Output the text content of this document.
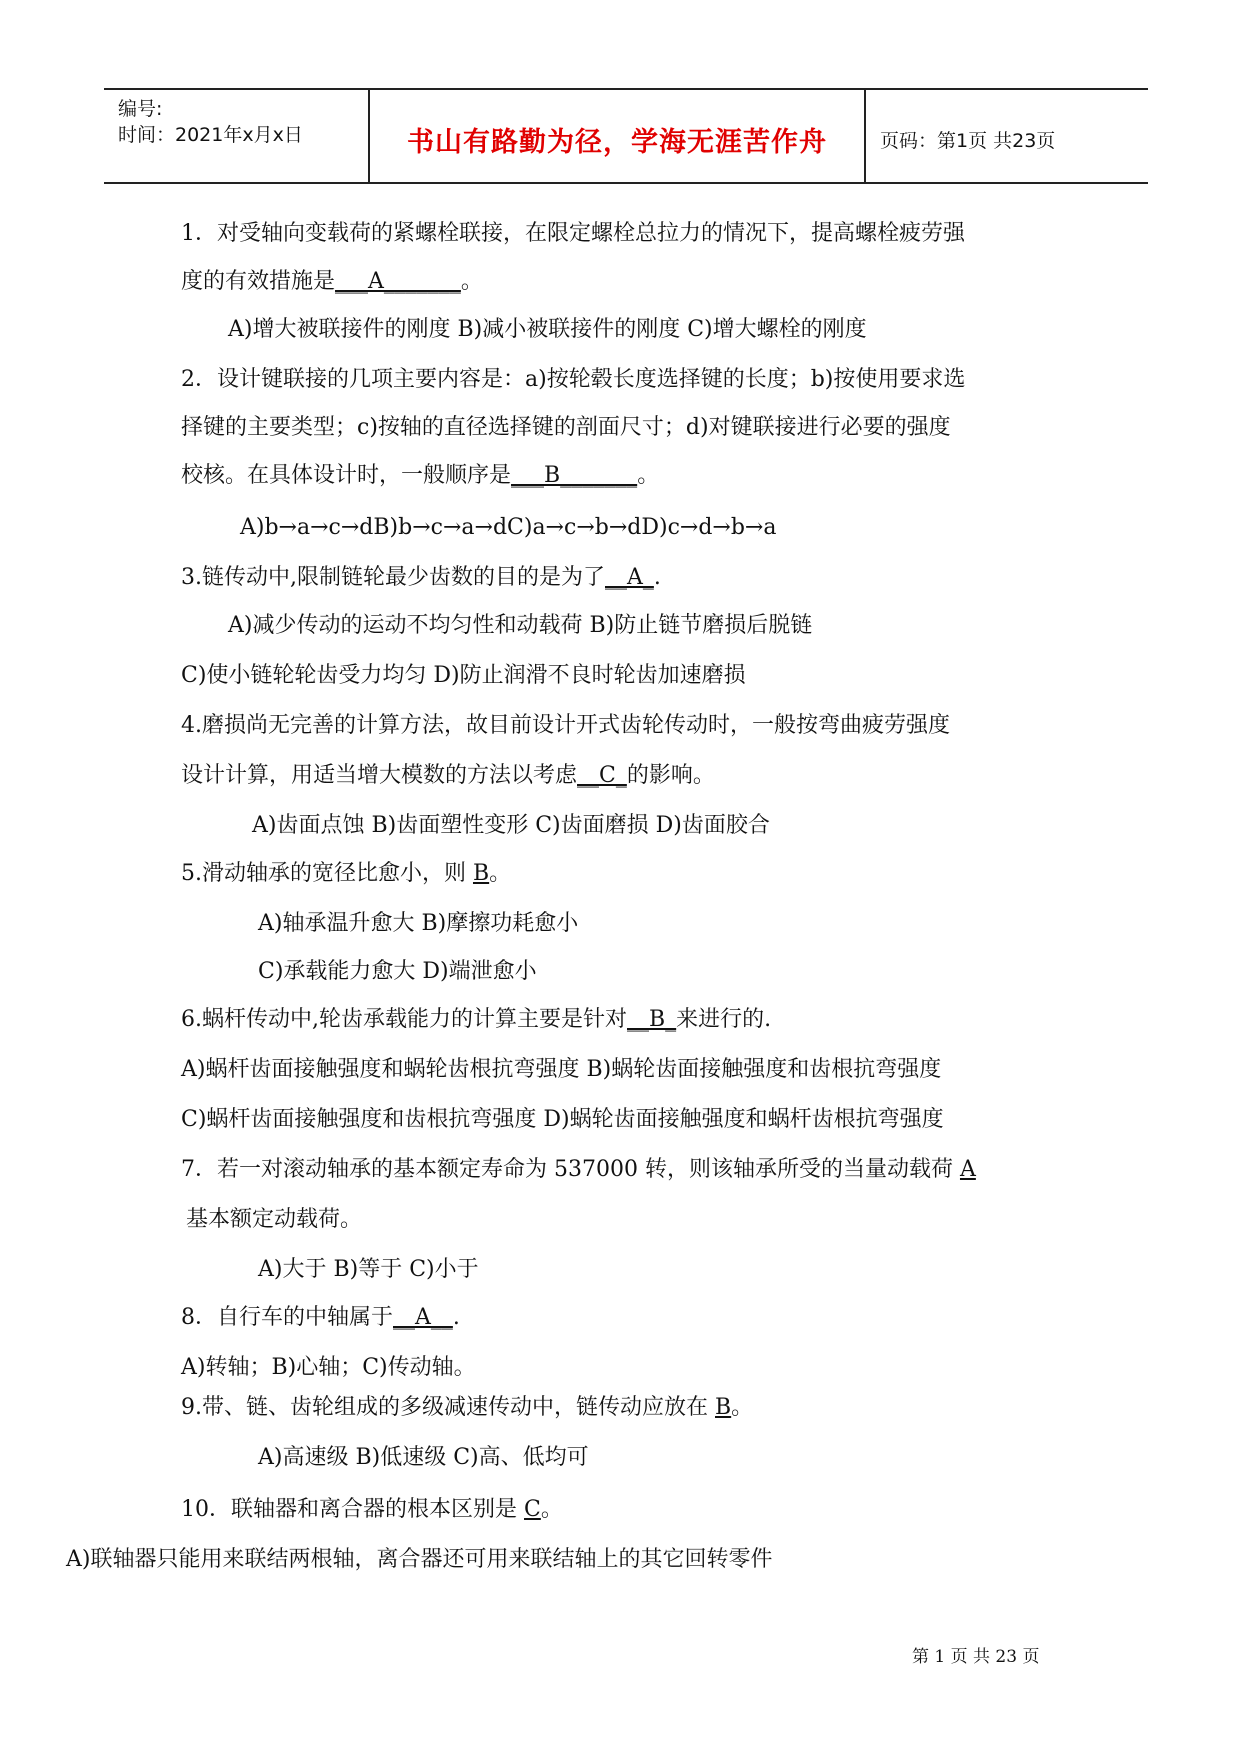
编号:
时间：2021年x月x日	书山有路勤为径，学海无涯苦作舟	页码：第1页 共23页
1．对受轴向变载荷的紧螺栓联接，在限定螺栓总拉力的情况下，提高螺栓疲劳强
度的有效措施是___A_______。
A)增大被联接件的刚度 B)减小被联接件的刚度 C)增大螺栓的刚度
2．设计键联接的几项主要内容是：a)按轮毂长度选择键的长度；b)按使用要求选
择键的主要类型；c)按轴的直径选择键的剖面尺寸；d)对键联接进行必要的强度
校核。在具体设计时，一般顺序是___B_______。
A)b→a→c→dB)b→c→a→dC)a→c→b→dD)c→d→b→a
3.链传动中,限制链轮最少齿数的目的是为了__A_.
A)减少传动的运动不均匀性和动载荷 B)防止链节磨损后脱链
C)使小链轮轮齿受力均匀 D)防止润滑不良时轮齿加速磨损
4.磨损尚无完善的计算方法，故目前设计开式齿轮传动时，一般按弯曲疲劳强度
设计计算，用适当增大模数的方法以考虑__C_的影响。
A)齿面点蚀 B)齿面塑性变形 C)齿面磨损 D)齿面胶合
5.滑动轴承的宽径比愈小，则 B。
A)轴承温升愈大 B)摩擦功耗愈小
C)承载能力愈大 D)端泄愈小
6.蜗杆传动中,轮齿承载能力的计算主要是针对__B_来进行的.
A)蜗杆齿面接触强度和蜗轮齿根抗弯强度 B)蜗轮齿面接触强度和齿根抗弯强度
C)蜗杆齿面接触强度和齿根抗弯强度 D)蜗轮齿面接触强度和蜗杆齿根抗弯强度
7．若一对滚动轴承的基本额定寿命为 537000 转，则该轴承所受的当量动载荷 A
基本额定动载荷。
A)大于 B)等于 C)小于
8．自行车的中轴属于__A__.
A)转轴；B)心轴；C)传动轴。
9.带、链、齿轮组成的多级减速传动中，链传动应放在 B。
A)高速级 B)低速级 C)高、低均可
10．联轴器和离合器的根本区别是 C。
A)联轴器只能用来联结两根轴，离合器还可用来联结轴上的其它回转零件
第 1 页 共 23 页
